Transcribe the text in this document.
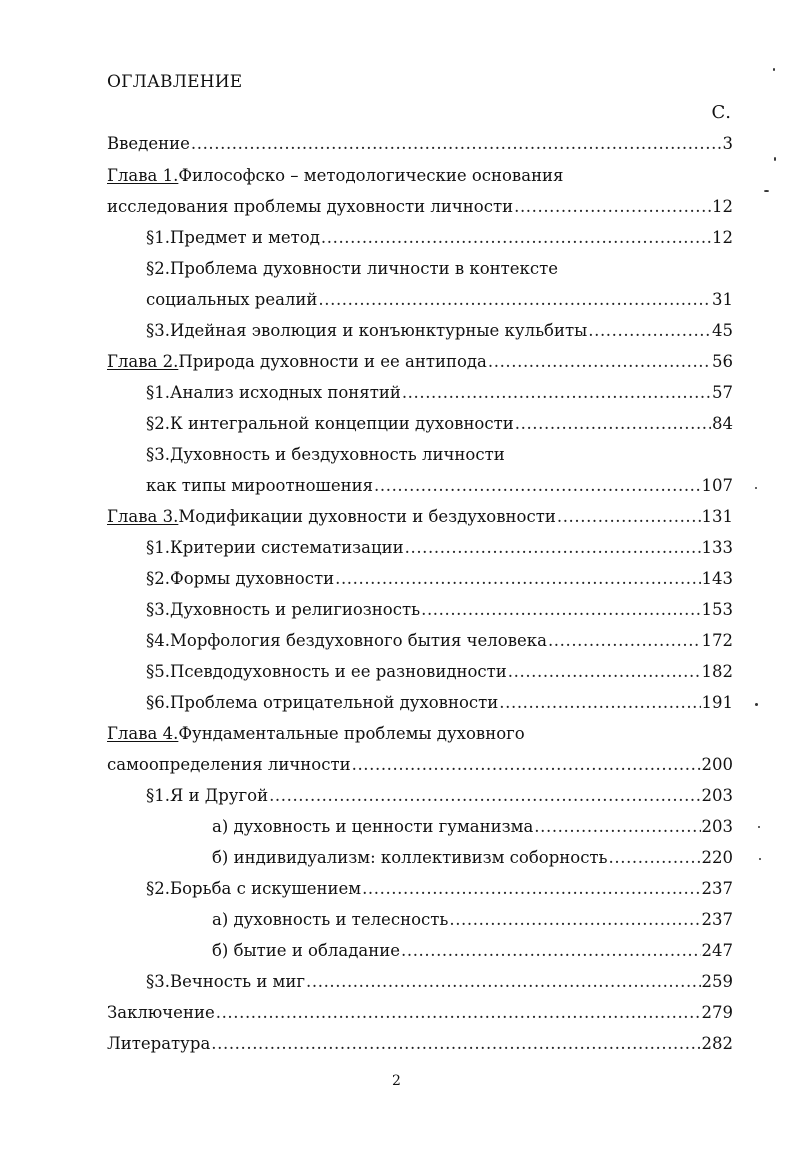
ОГЛАВЛЕНИЕ
С.
Введение .....	3
Глава 1.Философско – методологические основания
исследования проблемы духовности личности .....	12
§1.Предмет и метод .....	12
§2.Проблема духовности личности в контексте
социальных реалий .....	31
§3.Идейная эволюция и конъюнктурные кульбиты .....	45
Глава 2.Природа духовности и ее антипода .....	56
§1.Анализ исходных понятий .....	57
§2.К интегральной концепции духовности .....	84
§3.Духовность и бездуховность личности
как типы мироотношения .....	107
Глава 3.Модификации духовности и бездуховности .....	131
§1.Критерии систематизации .....	133
§2.Формы духовности .....	143
§3.Духовность и религиозность .....	153
§4.Морфология бездуховного бытия человека .....	172
§5.Псевдодуховность и ее разновидности .....	182
§6.Проблема отрицательной духовности .....	191
Глава 4.Фундаментальные проблемы духовного
самоопределения личности .....	200
§1.Я и Другой .....	203
а) духовность и ценности гуманизма .....	203
б) индивидуализм: коллективизм соборность .....	220
§2.Борьба с искушением .....	237
а) духовность и телесность .....	237
б) бытие и обладание .....	247
§3.Вечность и миг .....	259
Заключение .....	279
Литература .....	282
2
